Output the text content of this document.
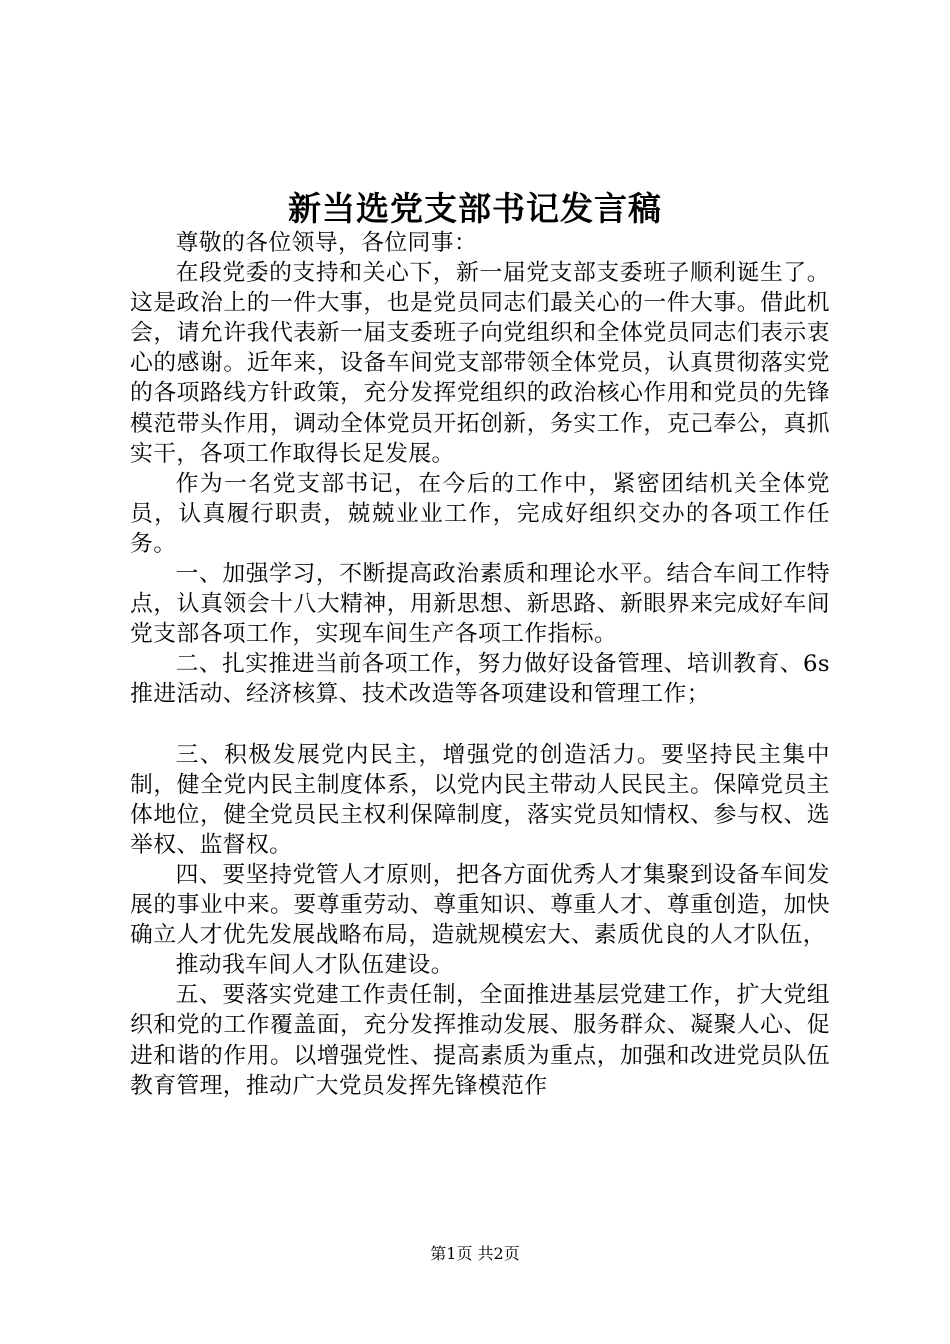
新当选党支部书记发言稿

尊敬的各位领导，各位同事：

在段党委的支持和关心下，新一届党支部支委班子顺利诞生了。这是政治上的一件大事，也是党员同志们最关心的一件大事。借此机会，请允许我代表新一届支委班子向党组织和全体党员同志们表示衷心的感谢。近年来，设备车间党支部带领全体党员，认真贯彻落实党的各项路线方针政策，充分发挥党组织的政治核心作用和党员的先锋模范带头作用，调动全体党员开拓创新，务实工作，克己奉公，真抓实干，各项工作取得长足发展。

作为一名党支部书记，在今后的工作中，紧密团结机关全体党员，认真履行职责，兢兢业业工作，完成好组织交办的各项工作任务。

一、加强学习，不断提高政治素质和理论水平。结合车间工作特点，认真领会十八大精神，用新思想、新思路、新眼界来完成好车间党支部各项工作，实现车间生产各项工作指标。

二、扎实推进当前各项工作，努力做好设备管理、培训教育、6s推进活动、经济核算、技术改造等各项建设和管理工作；

三、积极发展党内民主，增强党的创造活力。要坚持民主集中制，健全党内民主制度体系，以党内民主带动人民民主。保障党员主体地位，健全党员民主权利保障制度，落实党员知情权、参与权、选举权、监督权。

四、要坚持党管人才原则，把各方面优秀人才集聚到设备车间发展的事业中来。要尊重劳动、尊重知识、尊重人才、尊重创造，加快确立人才优先发展战略布局，造就规模宏大、素质优良的人才队伍，

推动我车间人才队伍建设。

五、要落实党建工作责任制，全面推进基层党建工作，扩大党组织和党的工作覆盖面，充分发挥推动发展、服务群众、凝聚人心、促进和谐的作用。以增强党性、提高素质为重点，加强和改进党员队伍教育管理，推动广大党员发挥先锋模范作

第1页 共2页
